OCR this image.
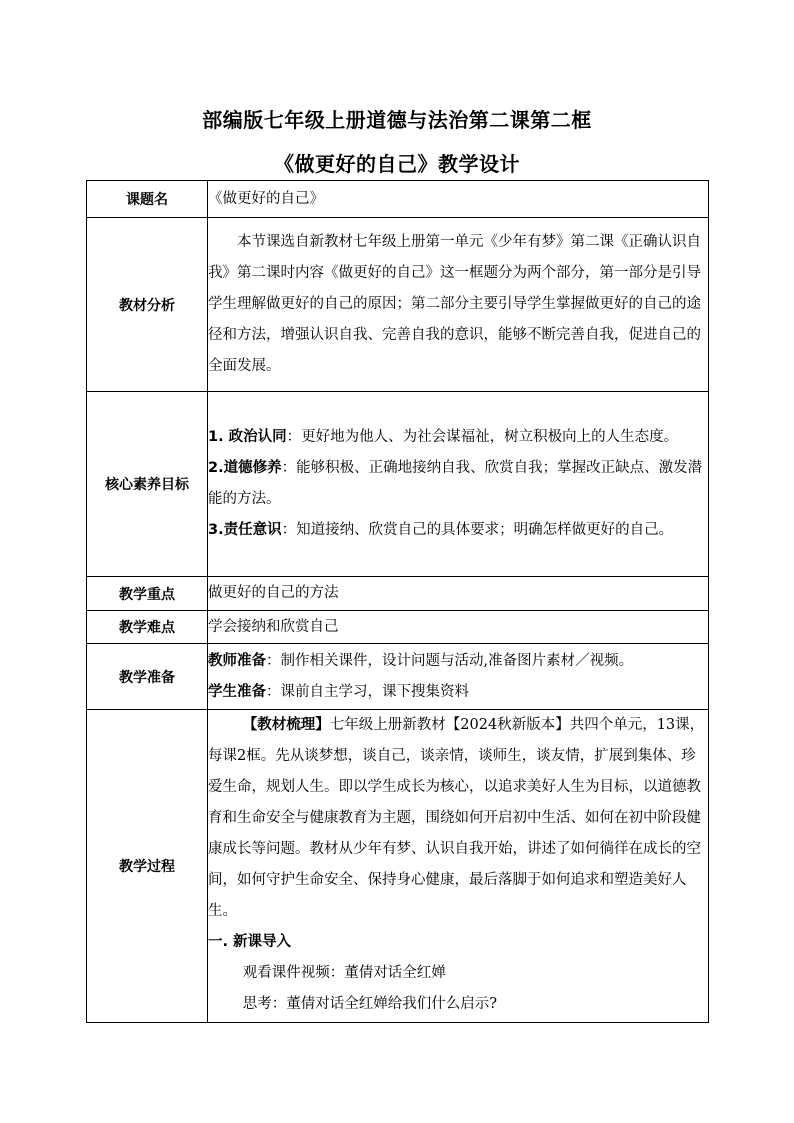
部编版七年级上册道德与法治第二课第二框
《做更好的自己》教学设计
课题名	《做更好的自己》
教材分析	本节课选自新教材七年级上册第一单元《少年有梦》第二课《正确认识自我》第二课时内容《做更好的自己》这一框题分为两个部分，第一部分是引导学生理解做更好的自己的原因；第二部分主要引导学生掌握做更好的自己的途径和方法，增强认识自我、完善自我的意识，能够不断完善自我，促进自己的全面发展。

核心素养目标	1. 政治认同：更好地为他人、为社会谋福祉，树立积极向上的人生态度。

2.道德修养：能够积极、正确地接纳自我、欣赏自我；掌握改正缺点、激发潜能的方法。

3.责任意识：知道接纳、欣赏自己的具体要求；明确怎样做更好的自己。

教学重点	做更好的自己的方法
教学难点	学会接纳和欣赏自己
教学准备	教师准备：制作相关课件，设计问题与活动,准备图片素材／视频。

学生准备：课前自主学习，课下搜集资料

教学过程	【教材梳理】七年级上册新教材【2024秋新版本】共四个单元，13课， 每课2框。先从谈梦想，谈自己，谈亲情，谈师生，谈友情，扩展到集体、珍爱生命，规划人生。即以学生成长为核心，以追求美好人生为目标，以道德教育和生命安全与健康教育为主题，围绕如何开启初中生活、如何在初中阶段健康成长等问题。教材从少年有梦、认识自我开始，讲述了如何徜徉在成长的空间，如何守护生命安全、保持身心健康，最后落脚于如何追求和塑造美好人生。

一. 新课导入

观看课件视频：董倩对话全红婵

思考：董倩对话全红婵给我们什么启示?
